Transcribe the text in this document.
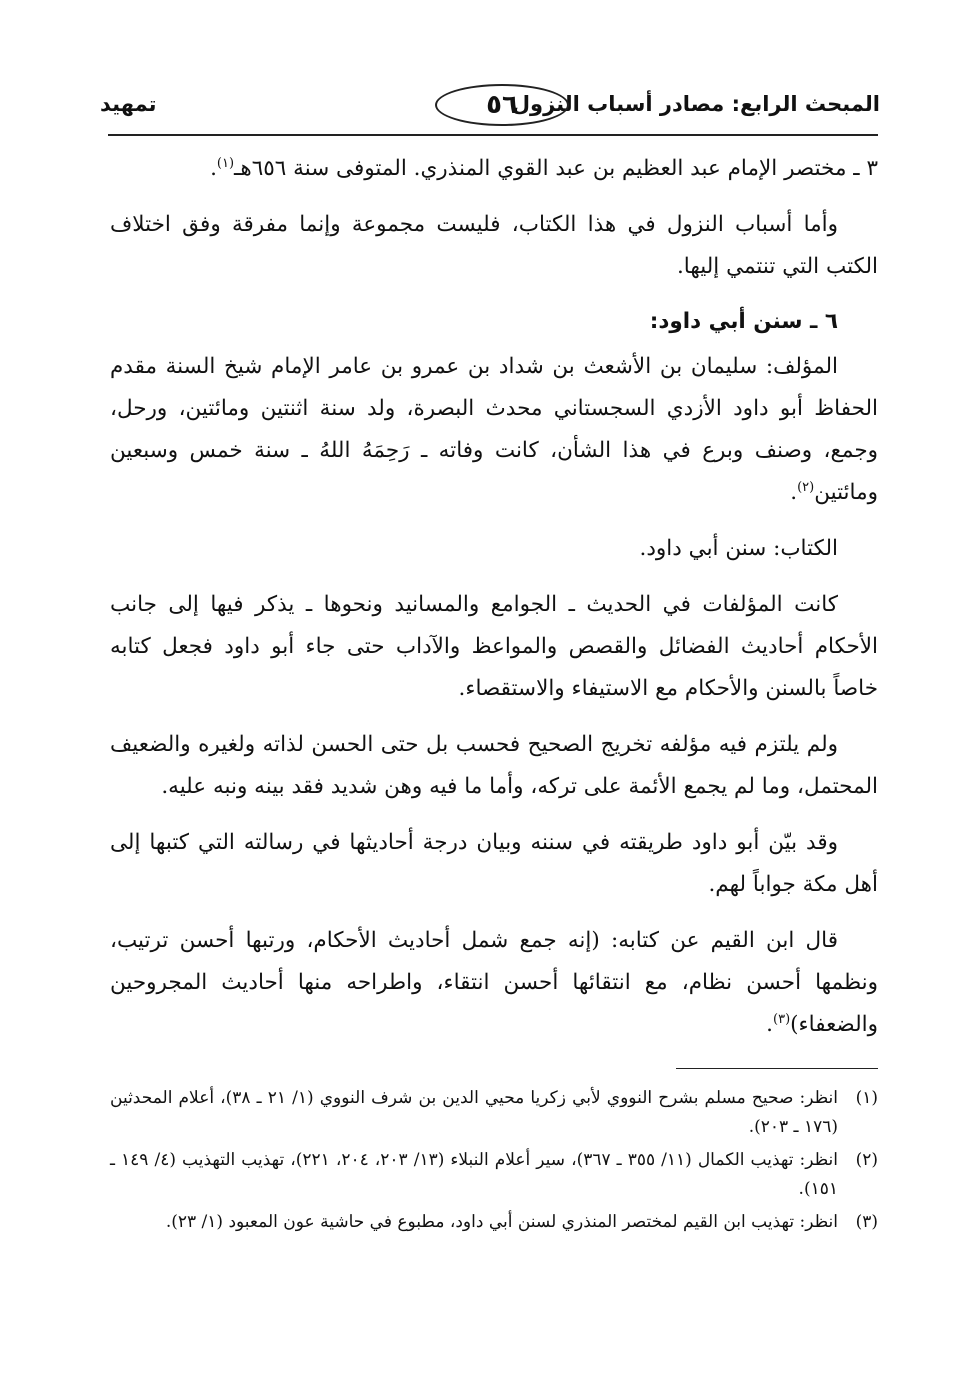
المبحث الرابع: مصادر أسباب النزول
٥٦
تمهيد

٣ ـ مختصر الإمام عبد العظيم بن عبد القوي المنذري. المتوفى سنة ٦٥٦هـ$^{(١)}$.

وأما أسباب النزول في هذا الكتاب، فليست مجموعة وإنما مفرقة وفق اختلاف الكتب التي تنتمي إليها.

٦ ـ سنن أبي داود:

المؤلف: سليمان بن الأشعث بن شداد بن عمرو بن عامر الإمام شيخ السنة مقدم الحفاظ أبو داود الأزدي السجستاني محدث البصرة، ولد سنة اثنتين ومائتين، ورحل، وجمع، وصنف وبرع في هذا الشأن، كانت وفاته ـ رَحِمَهُ اللهُ ـ سنة خمس وسبعين ومائتين$^{(٢)}$.

الكتاب: سنن أبي داود.

كانت المؤلفات في الحديث ـ الجوامع والمسانيد ونحوها ـ يذكر فيها إلى جانب الأحكام أحاديث الفضائل والقصص والمواعظ والآداب حتى جاء أبو داود فجعل كتابه خاصاً بالسنن والأحكام مع الاستيفاء والاستقصاء.

ولم يلتزم فيه مؤلفه تخريج الصحيح فحسب بل حتى الحسن لذاته ولغيره والضعيف المحتمل، وما لم يجمع الأئمة على تركه، وأما ما فيه وهن شديد فقد بينه ونبه عليه.

وقد بيّن أبو داود طريقته في سننه وبيان درجة أحاديثها في رسالته التي كتبها إلى أهل مكة جواباً لهم.

قال ابن القيم عن كتابه: (إنه جمع شمل أحاديث الأحكام، ورتبها أحسن ترتيب، ونظمها أحسن نظام، مع انتقائها أحسن انتقاء، واطراحه منها أحاديث المجروحين والضعفاء)$^{(٣)}$.

(١)
انظر: صحيح مسلم بشرح النووي لأبي زكريا محيي الدين بن شرف النووي (١/ ٢١ ـ ٣٨)، أعلام المحدثين (١٧٦ ـ ٢٠٣).
(٢)
انظر: تهذيب الكمال (١١/ ٣٥٥ ـ ٣٦٧)، سير أعلام النبلاء (١٣/ ٢٠٣، ٢٠٤، ٢٢١)، تهذيب التهذيب (٤/ ١٤٩ ـ ١٥١).
(٣)
انظر: تهذيب ابن القيم لمختصر المنذري لسنن أبي داود، مطبوع في حاشية عون المعبود (١/ ٢٣).
